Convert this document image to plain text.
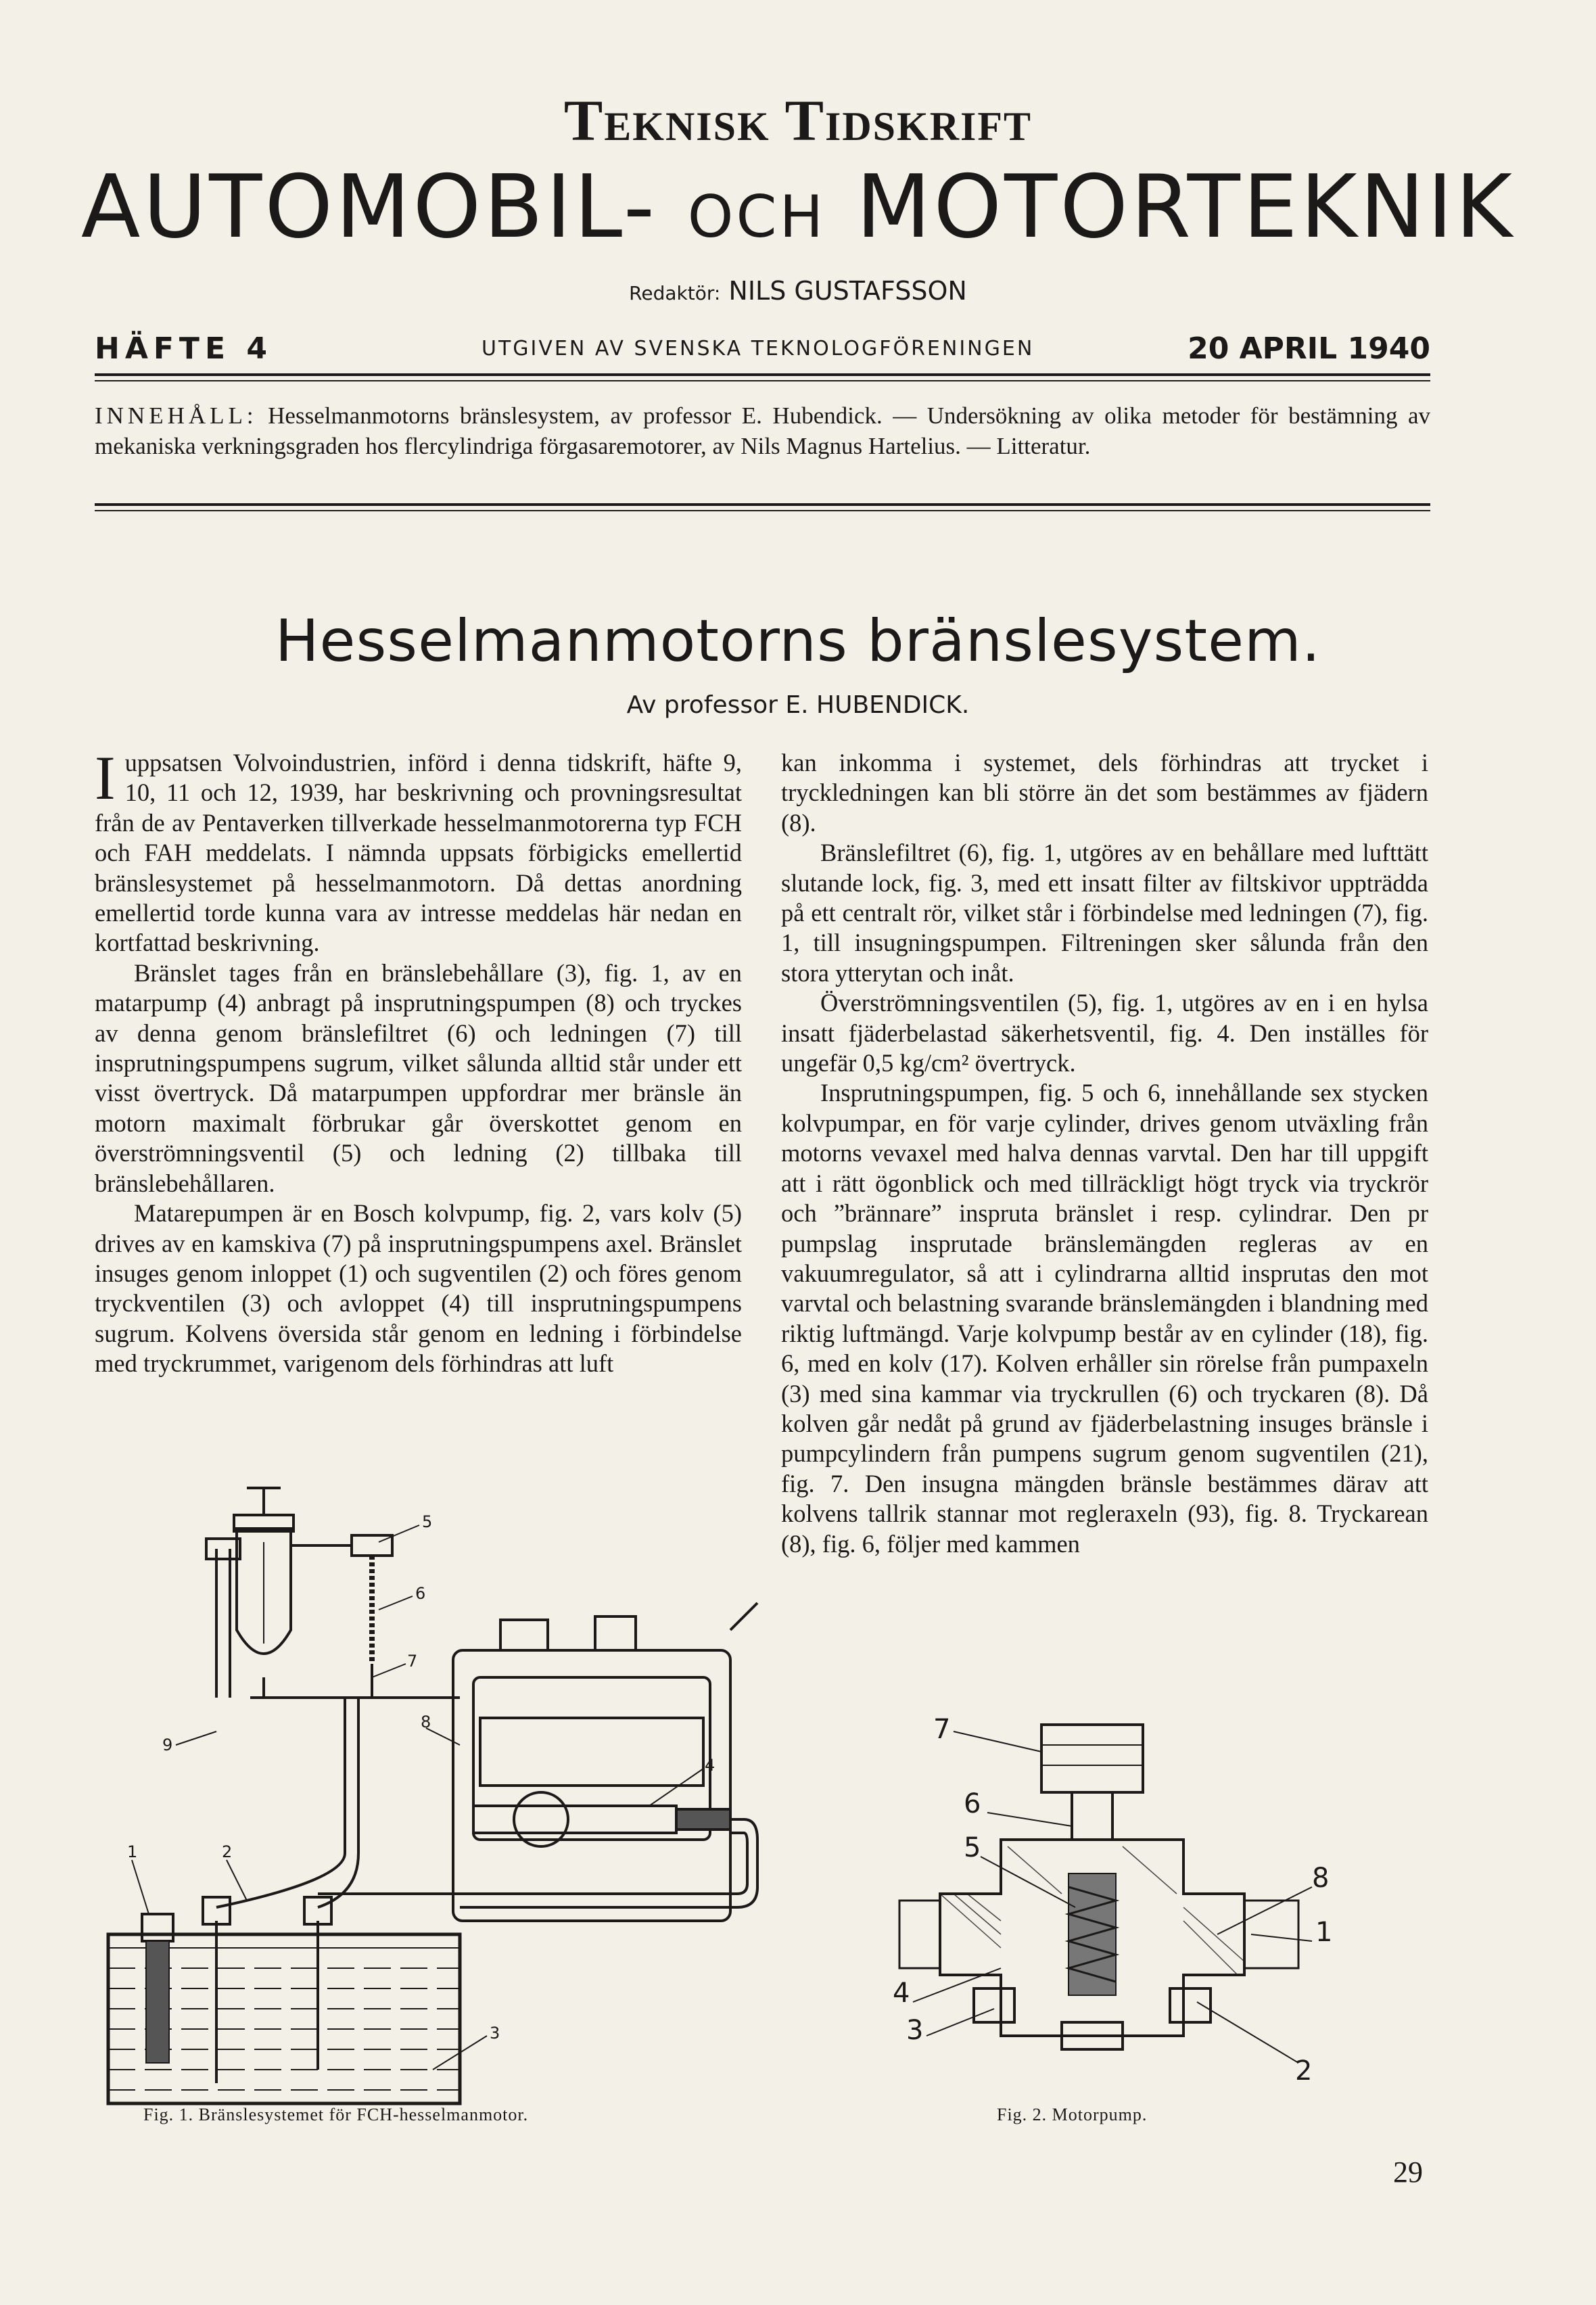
Teknisk Tidskrift
AUTOMOBIL- OCH MOTORTEKNIK
Redaktör: NILS GUSTAFSSON
HÄFTE 4	UTGIVEN AV SVENSKA TEKNOLOGFÖRENINGEN	20 APRIL 1940
INNEHÅLL: Hesselmanmotorns bränslesystem, av professor E. Hubendick. — Undersökning av olika metoder för bestämning av mekaniska verkningsgraden hos flercylindriga förgasaremotorer, av Nils Magnus Hartelius. — Litteratur.
Hesselmanmotorns bränslesystem.
Av professor E. HUBENDICK.

Iuppsatsen Volvoindustrien, införd i denna tidskrift, häfte 9, 10, 11 och 12, 1939, har beskrivning och provningsresultat från de av Pentaverken tillverkade hesselmanmotorerna typ FCH och FAH meddelats. I nämnda uppsats förbigicks emellertid bränslesystemet på hesselmanmotorn. Då dettas anordning emellertid torde kunna vara av intresse meddelas här nedan en kortfattad beskrivning.

Bränslet tages från en bränslebehållare (3), fig. 1, av en matarpump (4) anbragt på insprutningspumpen (8) och tryckes av denna genom bränslefiltret (6) och ledningen (7) till insprutningspumpens sugrum, vilket sålunda alltid står under ett visst övertryck. Då matarpumpen uppfordrar mer bränsle än motorn maximalt förbrukar går överskottet genom en överströmningsventil (5) och ledning (2) tillbaka till bränslebehållaren.

Matarepumpen är en Bosch kolvpump, fig. 2, vars kolv (5) drives av en kamskiva (7) på insprutningspumpens axel. Bränslet insuges genom inloppet (1) och sugventilen (2) och föres genom tryckventilen (3) och avloppet (4) till insprutningspumpens sugrum. Kolvens översida står genom en ledning i förbindelse med tryckrummet, varigenom dels förhindras att luft

kan inkomma i systemet, dels förhindras att trycket i tryckledningen kan bli större än det som bestämmes av fjädern (8).

Bränslefiltret (6), fig. 1, utgöres av en behållare med lufttätt slutande lock, fig. 3, med ett insatt filter av filtskivor uppträdda på ett centralt rör, vilket står i förbindelse med ledningen (7), fig. 1, till insugningspumpen. Filtreningen sker sålunda från den stora ytterytan och inåt.

Överströmningsventilen (5), fig. 1, utgöres av en i en hylsa insatt fjäderbelastad säkerhetsventil, fig. 4. Den inställes för ungefär 0,5 kg/cm² övertryck.

Insprutningspumpen, fig. 5 och 6, innehållande sex stycken kolvpumpar, en för varje cylinder, drives genom utväxling från motorns vevaxel med halva dennas varvtal. Den har till uppgift att i rätt ögonblick och med tillräckligt högt tryck via tryckrör och ”brännare” insprutа bränslet i resp. cylindrar. Den pr pumpslag insprutade bränslemängden regleras av en vakuumregulator, så att i cylindrarna alltid insprutas den mot varvtal och belastning svarande bränslemängden i blandning med riktig luftmängd. Varje kolvpump består av en cylinder (18), fig. 6, med en kolv (17). Kolven erhåller sin rörelse från pumpaxeln (3) med sina kammar via tryckrullen (6) och tryckaren (8). Då kolven går nedåt på grund av fjäderbelastning insuges bränsle i pumpcylindern från pumpens sugrum genom sugventilen (21), fig. 7. Den insugna mängden bränsle bestämmes därav att kolvens tallrik stannar mot regleraxeln (93), fig. 8. Tryckarean (8), fig. 6, följer med kammen

5
6
7
8
4
9
1	2
3
Fig. 1. Bränslesystemet för FCH-hesselmanmotor.
7
6
5
8
1
4
3
2
Fig. 2. Motorpump.
29
